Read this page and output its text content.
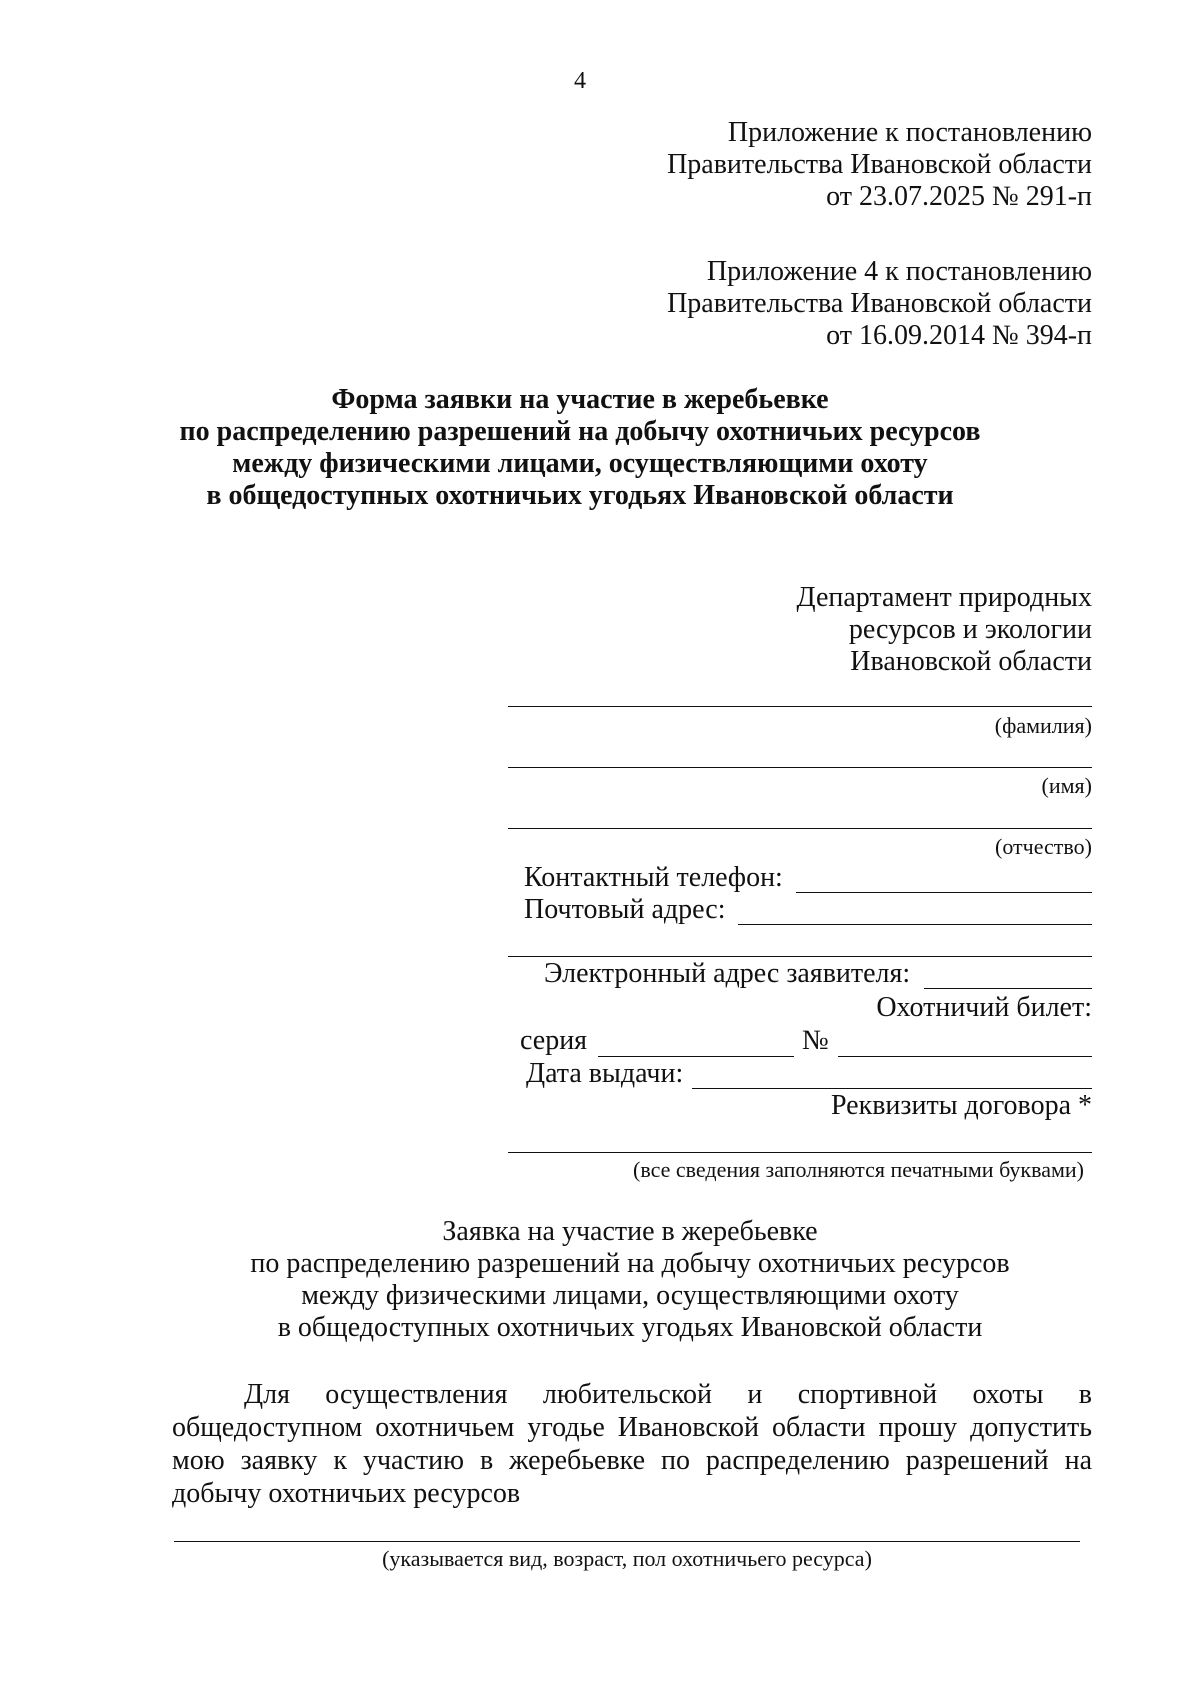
4
Приложение к постановлению
Правительства Ивановской области
от 23.07.2025 № 291-п
Приложение 4 к постановлению
Правительства Ивановской области
от 16.09.2014 № 394-п
Форма заявки на участие в жеребьевке
по распределению разрешений на добычу охотничьих ресурсов
между физическими лицами, осуществляющими охоту
в общедоступных охотничьих угодьях Ивановской области
Департамент природных
ресурсов и экологии
Ивановской области
(фамилия)
(имя)
(отчество)
Контактный телефон:
Почтовый адрес:
Электронный адрес заявителя:
Охотничий билет:
серия	№
Дата выдачи:
Реквизиты договора *
(все сведения заполняются печатными буквами)
Заявка на участие в жеребьевке
по распределению разрешений на добычу охотничьих ресурсов
между физическими лицами, осуществляющими охоту
в общедоступных охотничьих угодьях Ивановской области
Для осуществления любительской и спортивной охоты в общедоступном охотничьем угодье Ивановской области прошу допустить мою заявку к участию в жеребьевке по распределению разрешений на добычу охотничьих ресурсов
(указывается вид, возраст, пол охотничьего ресурса)
